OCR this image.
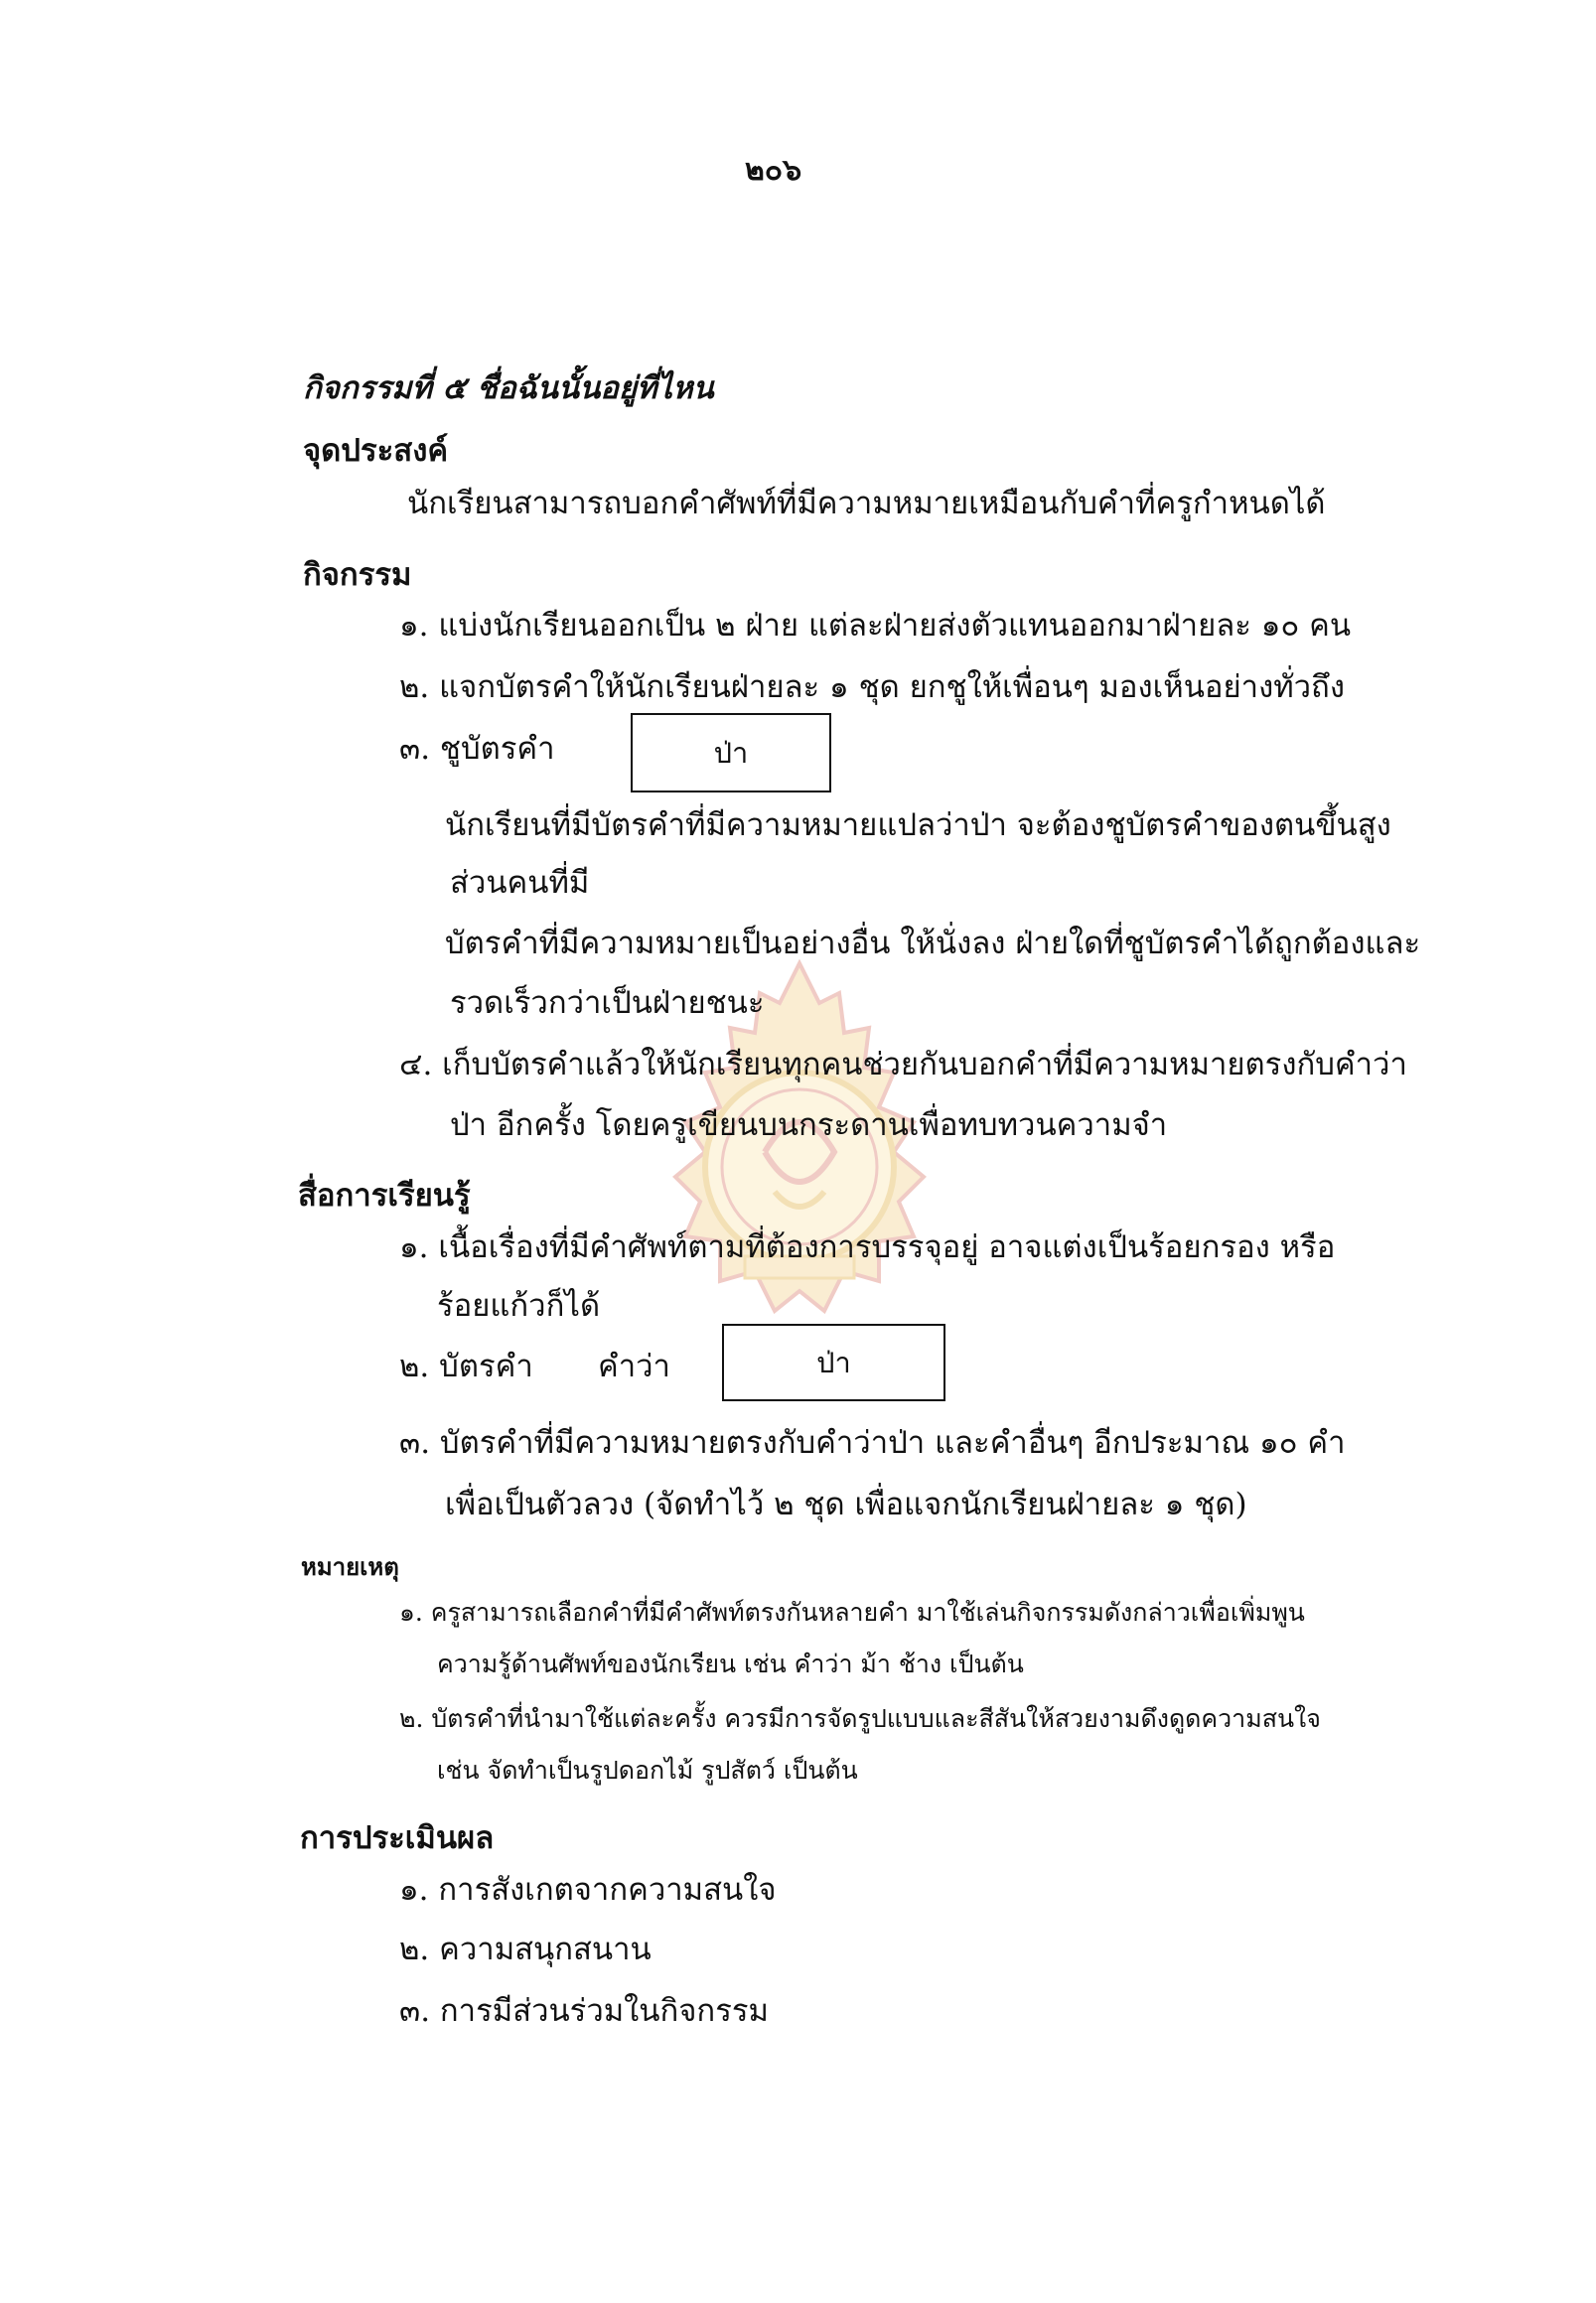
๒๐๖
กิจกรรมที่ ๕ ชื่อฉันนั้นอยู่ที่ไหน
จุดประสงค์
นักเรียนสามารถบอกคำศัพท์ที่มีความหมายเหมือนกับคำที่ครูกำหนดได้
กิจกรรม
๑. แบ่งนักเรียนออกเป็น ๒ ฝ่าย แต่ละฝ่ายส่งตัวแทนออกมาฝ่ายละ ๑๐ คน
๒. แจกบัตรคำให้นักเรียนฝ่ายละ ๑ ชุด ยกชูให้เพื่อนๆ มองเห็นอย่างทั่วถึง
๓. ชูบัตรคำ	ป่า
นักเรียนที่มีบัตรคำที่มีความหมายแปลว่าป่า จะต้องชูบัตรคำของตนขึ้นสูง
ส่วนคนที่มี
บัตรคำที่มีความหมายเป็นอย่างอื่น ให้นั่งลง ฝ่ายใดที่ชูบัตรคำได้ถูกต้องและ
รวดเร็วกว่าเป็นฝ่ายชนะ
๔. เก็บบัตรคำแล้วให้นักเรียนทุกคนช่วยกันบอกคำที่มีความหมายตรงกับคำว่า
ป่า อีกครั้ง โดยครูเขียนบนกระดานเพื่อทบทวนความจำ
สื่อการเรียนรู้
๑. เนื้อเรื่องที่มีคำศัพท์ตามที่ต้องการบรรจุอยู่ อาจแต่งเป็นร้อยกรอง หรือ
ร้อยแก้วก็ได้
๒. บัตรคำ คำว่า	ป่า
๓. บัตรคำที่มีความหมายตรงกับคำว่าป่า และคำอื่นๆ อีกประมาณ ๑๐ คำ
เพื่อเป็นตัวลวง (จัดทำไว้ ๒ ชุด เพื่อแจกนักเรียนฝ่ายละ ๑ ชุด)
หมายเหตุ
๑. ครูสามารถเลือกคำที่มีคำศัพท์ตรงกันหลายคำ มาใช้เล่นกิจกรรมดังกล่าวเพื่อเพิ่มพูน
ความรู้ด้านศัพท์ของนักเรียน เช่น คำว่า ม้า ช้าง เป็นต้น
๒. บัตรคำที่นำมาใช้แต่ละครั้ง ควรมีการจัดรูปแบบและสีสันให้สวยงามดึงดูดความสนใจ
เช่น จัดทำเป็นรูปดอกไม้ รูปสัตว์ เป็นต้น
การประเมินผล
๑. การสังเกตจากความสนใจ
๒. ความสนุกสนาน
๓. การมีส่วนร่วมในกิจกรรม
